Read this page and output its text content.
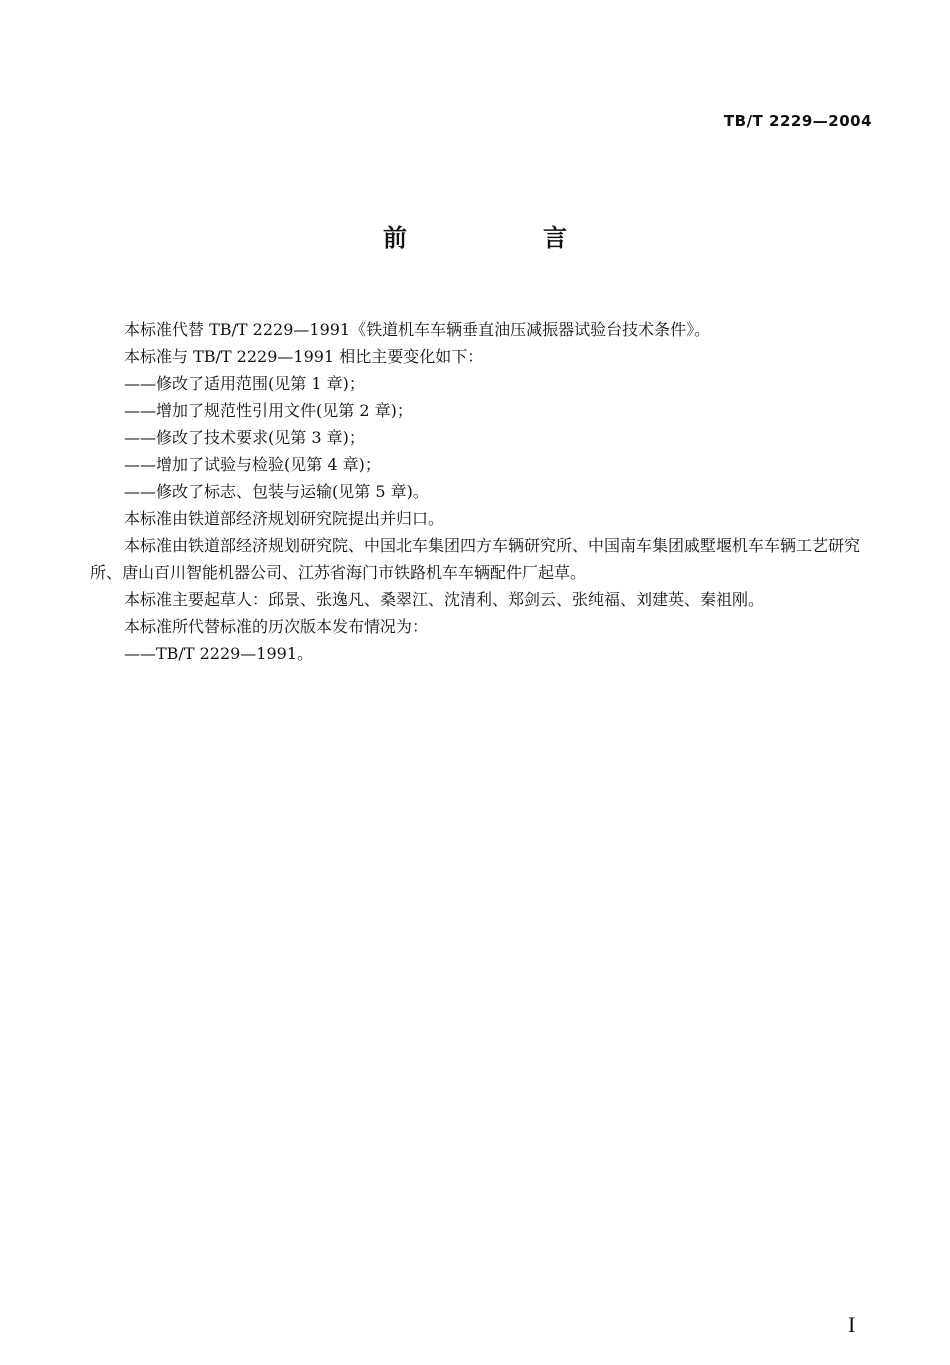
TB/T 2229—2004
前　言

本标准代替 TB/T 2229—1991《铁道机车车辆垂直油压减振器试验台技术条件》。

本标准与 TB/T 2229—1991 相比主要变化如下：

——修改了适用范围(见第 1 章)；

——增加了规范性引用文件(见第 2 章)；

——修改了技术要求(见第 3 章)；

——增加了试验与检验(见第 4 章)；

——修改了标志、包装与运输(见第 5 章)。

本标准由铁道部经济规划研究院提出并归口。

本标准由铁道部经济规划研究院、中国北车集团四方车辆研究所、中国南车集团戚墅堰机车车辆工艺研究所、唐山百川智能机器公司、江苏省海门市铁路机车车辆配件厂起草。

本标准主要起草人：邱景、张逸凡、桑翠江、沈清利、郑剑云、张纯福、刘建英、秦祖刚。

本标准所代替标准的历次版本发布情况为：

——TB/T 2229—1991。

I
